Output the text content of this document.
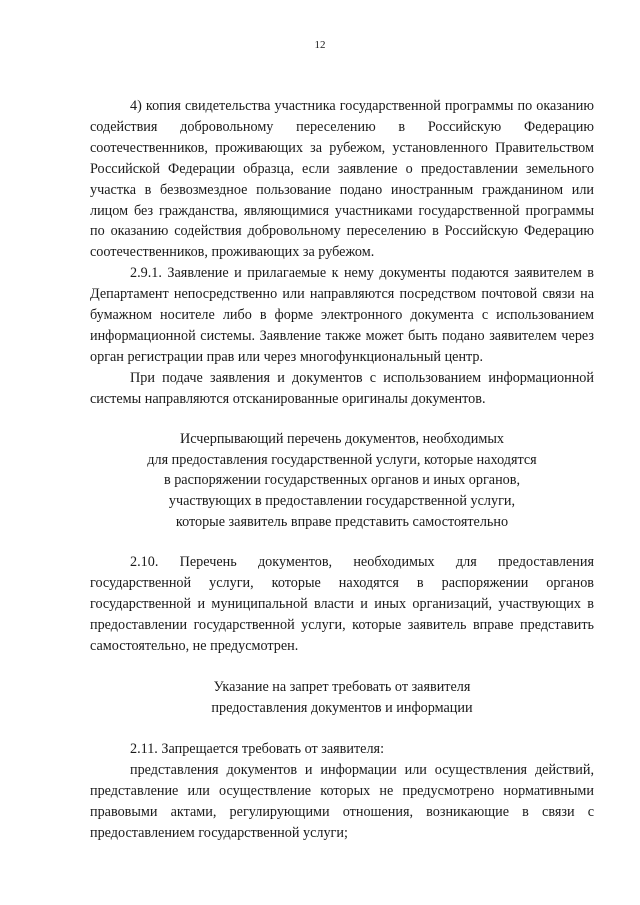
12

4) копия свидетельства участника государственной программы по оказанию содействия добровольному переселению в Российскую Федерацию соотечественников, проживающих за рубежом, установленного Правительством Российской Федерации образца, если заявление о предоставлении земельного участка в безвозмездное пользование подано иностранным гражданином или лицом без гражданства, являющимися участниками государственной программы по оказанию содействия добровольному переселению в Российскую Федерацию соотечественников, проживающих за рубежом.

2.9.1. Заявление и прилагаемые к нему документы подаются заявителем в Департамент непосредственно или направляются посредством почтовой связи на бумажном носителе либо в форме электронного документа с использованием информационной системы. Заявление также может быть подано заявителем через орган регистрации прав или через многофункциональный центр.

При подаче заявления и документов с использованием информационной системы направляются отсканированные оригиналы документов.

Исчерпывающий перечень документов, необходимых

для предоставления государственной услуги, которые находятся

в распоряжении государственных органов и иных органов,

участвующих в предоставлении государственной услуги,

которые заявитель вправе представить самостоятельно

2.10. Перечень документов, необходимых для предоставления государственной услуги, которые находятся в распоряжении органов государственной и муниципальной власти и иных организаций, участвующих в предоставлении государственной услуги, которые заявитель вправе представить самостоятельно, не предусмотрен.

Указание на запрет требовать от заявителя

предоставления документов и информации

2.11. Запрещается требовать от заявителя:

представления документов и информации или осуществления действий, представление или осуществление которых не предусмотрено нормативными правовыми актами, регулирующими отношения, возникающие в связи с предоставлением государственной услуги;
